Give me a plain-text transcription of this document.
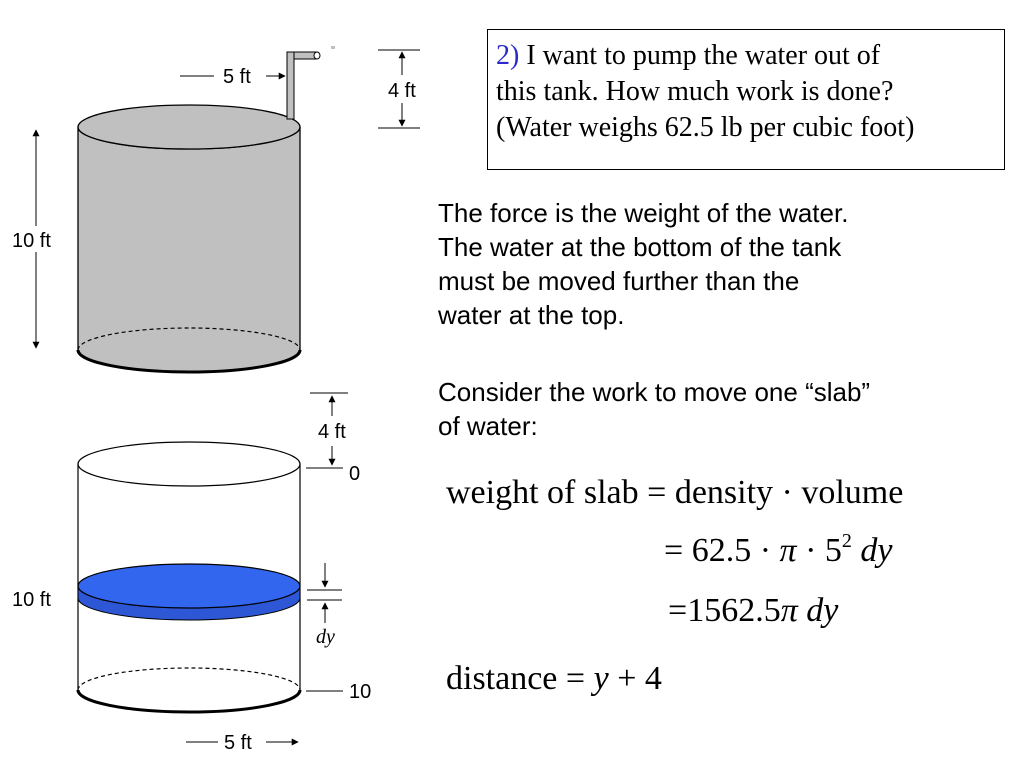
5 ft
4 ft
10 ft
4 ft
0
dy
10 ft
10
5 ft
2) I want to pump the water out of
this tank. How much work is done?
(Water weighs 62.5 lb per cubic foot)
The force is the weight of the water.
The water at the bottom of the tank
must be moved further than the
water at the top.
Consider the work to move one “slab”
of water:
weight of slab = density · volume
= $62.5 \cdot \pi \cdot 5^2$ dy
=1562.5π dy
distance = y + 4
